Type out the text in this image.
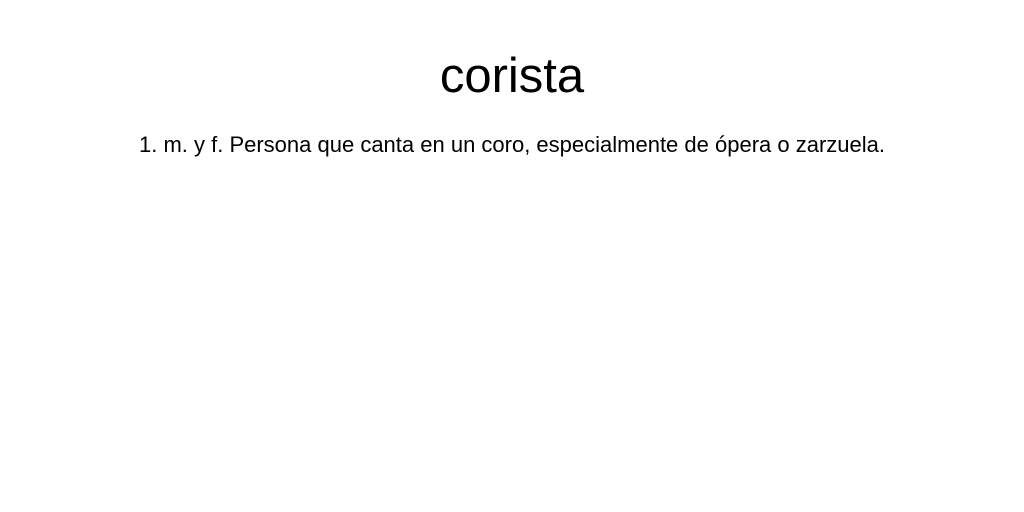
corista

1. m. y f. Persona que canta en un coro, especialmente de ópera o zarzuela.
